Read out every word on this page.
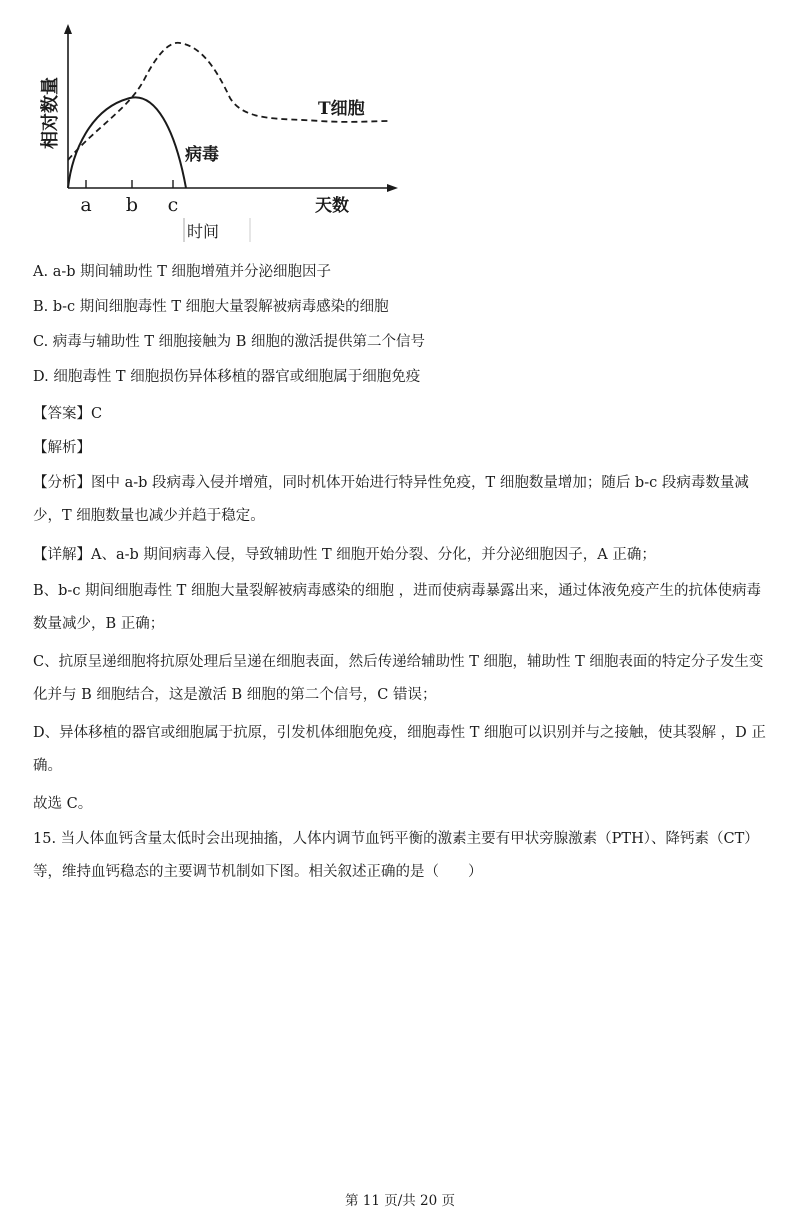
相对数量
天数
a b c
T细胞
病毒
时间
A. a-b 期间辅助性 T 细胞增殖并分泌细胞因子
B. b-c 期间细胞毒性 T 细胞大量裂解被病毒感染的细胞
C. 病毒与辅助性 T 细胞接触为 B 细胞的激活提供第二个信号
D. 细胞毒性 T 细胞损伤异体移植的器官或细胞属于细胞免疫
【答案】C
【解析】
【分析】图中 a-b 段病毒入侵并增殖，同时机体开始进行特异性免疫，T 细胞数量增加；随后 b-c 段病毒数量减少，T 细胞数量也减少并趋于稳定。
【详解】A、a-b 期间病毒入侵，导致辅助性 T 细胞开始分裂、分化，并分泌细胞因子，A 正确；
B、b-c 期间细胞毒性 T 细胞大量裂解被病毒感染的细胞 ，进而使病毒暴露出来，通过体液免疫产生的抗体使病毒数量减少，B 正确；
C、抗原呈递细胞将抗原处理后呈递在细胞表面，然后传递给辅助性 T 细胞，辅助性 T 细胞表面的特定分子发生变化并与 B 细胞结合，这是激活 B 细胞的第二个信号，C 错误；
D、异体移植的器官或细胞属于抗原，引发机体细胞免疫，细胞毒性 T 细胞可以识别并与之接触，使其裂解 ，D 正确。
故选 C。
15. 当人体血钙含量太低时会出现抽搐，人体内调节血钙平衡的激素主要有甲状旁腺激素（PTH）、降钙素（CT）等，维持血钙稳态的主要调节机制如下图。相关叙述正确的是（　　）
第 11 页/共 20 页
